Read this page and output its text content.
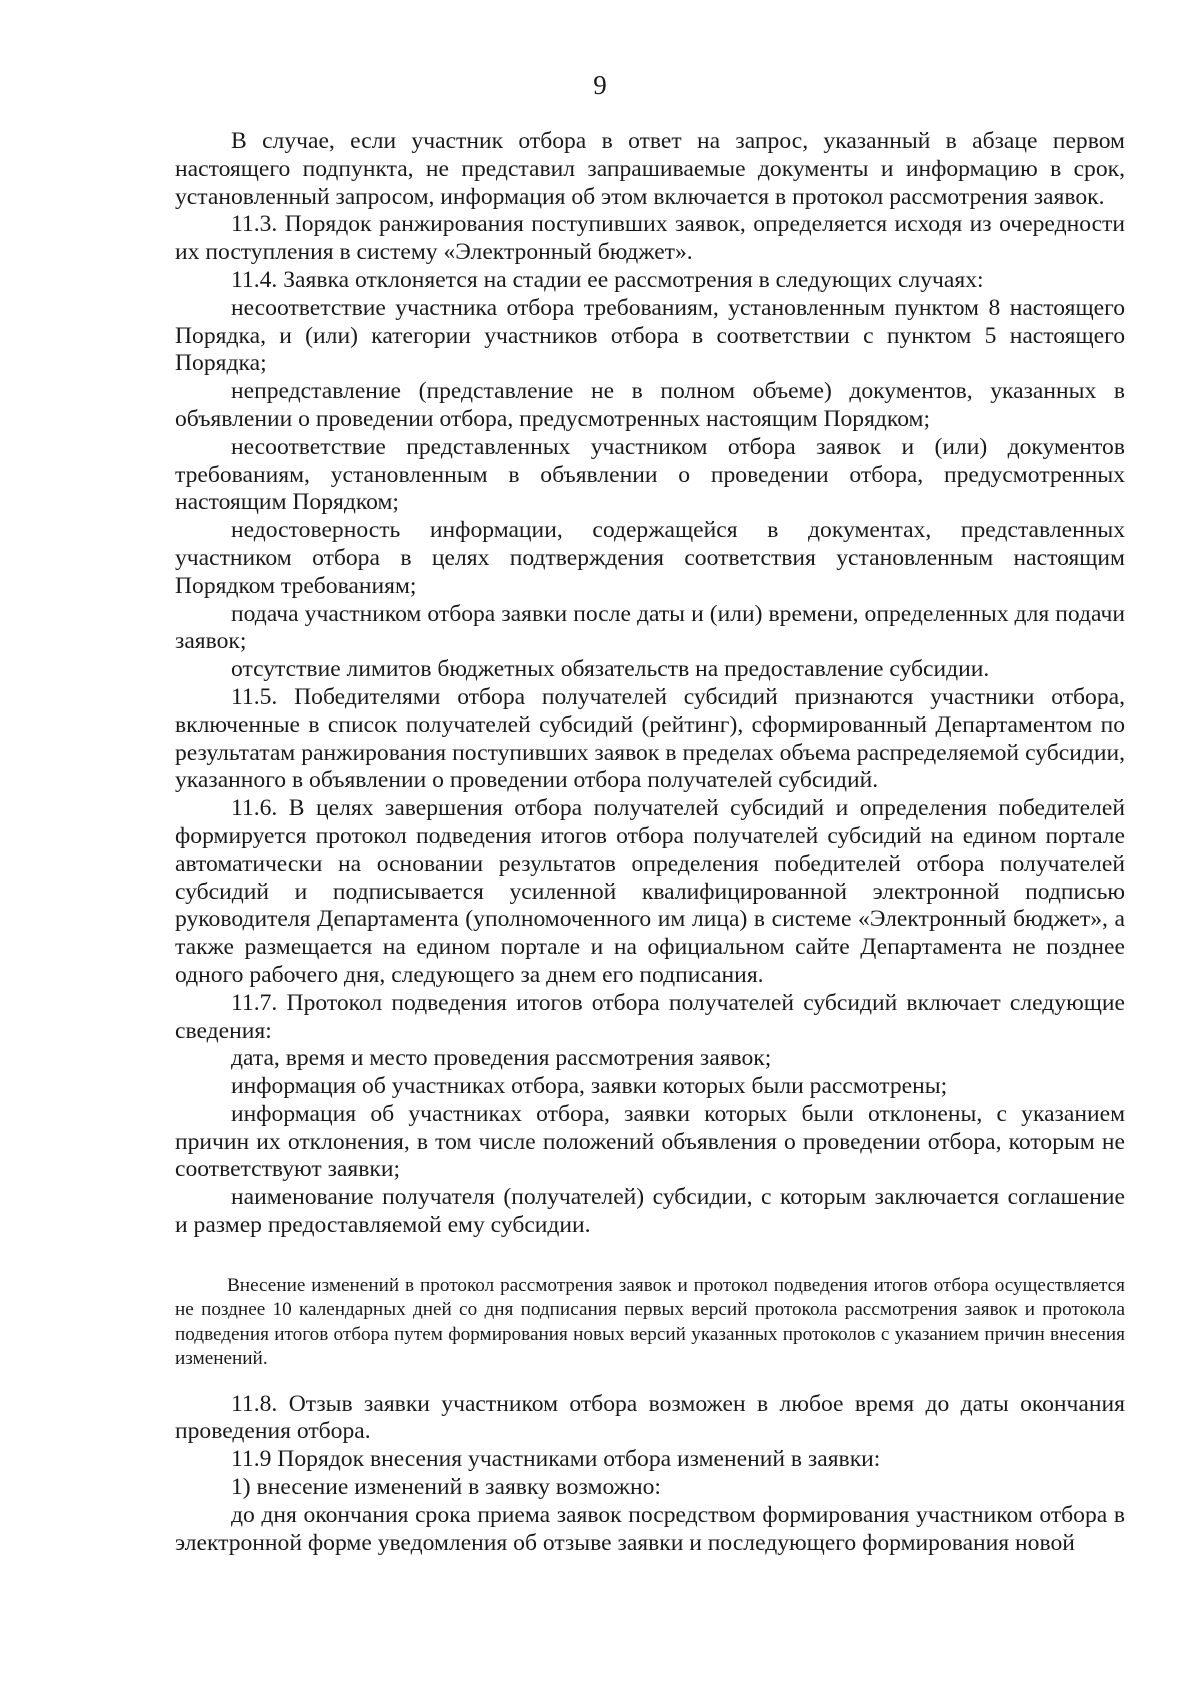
9

В случае, если участник отбора в ответ на запрос, указанный в абзаце первом настоящего подпункта, не представил запрашиваемые документы и информацию в срок, установленный запросом, информация об этом включается в протокол рассмотрения заявок.

11.3. Порядок ранжирования поступивших заявок, определяется исходя из очередности их поступления в систему «Электронный бюджет».

11.4. Заявка отклоняется на стадии ее рассмотрения в следующих случаях:

несоответствие участника отбора требованиям, установленным пунктом 8 настоящего Порядка, и (или) категории участников отбора в соответствии с пунктом 5 настоящего Порядка;

непредставление (представление не в полном объеме) документов, указанных в объявлении о проведении отбора, предусмотренных настоящим Порядком;

несоответствие представленных участником отбора заявок и (или) документов требованиям, установленным в объявлении о проведении отбора, предусмотренных настоящим Порядком;

недостоверность информации, содержащейся в документах, представленных участником отбора в целях подтверждения соответствия установленным настоящим Порядком требованиям;

подача участником отбора заявки после даты и (или) времени, определенных для подачи заявок;

отсутствие лимитов бюджетных обязательств на предоставление субсидии.

11.5. Победителями отбора получателей субсидий признаются участники отбора, включенные в список получателей субсидий (рейтинг), сформированный Департаментом по результатам ранжирования поступивших заявок в пределах объема распределяемой субсидии, указанного в объявлении о проведении отбора получателей субсидий.

11.6. В целях завершения отбора получателей субсидий и определения победителей формируется протокол подведения итогов отбора получателей субсидий на едином портале автоматически на основании результатов определения победителей отбора получателей субсидий и подписывается усиленной квалифицированной электронной подписью руководителя Департамента (уполномоченного им лица) в системе «Электронный бюджет», а также размещается на едином портале и на официальном сайте Департамента не позднее одного рабочего дня, следующего за днем его подписания.

11.7. Протокол подведения итогов отбора получателей субсидий включает следующие сведения:

дата, время и место проведения рассмотрения заявок;

информация об участниках отбора, заявки которых были рассмотрены;

информация об участниках отбора, заявки которых были отклонены, с указанием причин их отклонения, в том числе положений объявления о проведении отбора, которым не соответствуют заявки;

наименование получателя (получателей) субсидии, с которым заключается соглашение и размер предоставляемой ему субсидии.

Внесение изменений в протокол рассмотрения заявок и протокол подведения итогов отбора осуществляется не позднее 10 календарных дней со дня подписания первых версий протокола рассмотрения заявок и протокола подведения итогов отбора путем формирования новых версий указанных протоколов с указанием причин внесения изменений.

11.8. Отзыв заявки участником отбора возможен в любое время до даты окончания проведения отбора.

11.9 Порядок внесения участниками отбора изменений в заявки:

1) внесение изменений в заявку возможно:

до дня окончания срока приема заявок посредством формирования участником отбора в электронной форме уведомления об отзыве заявки и последующего формирования новой
